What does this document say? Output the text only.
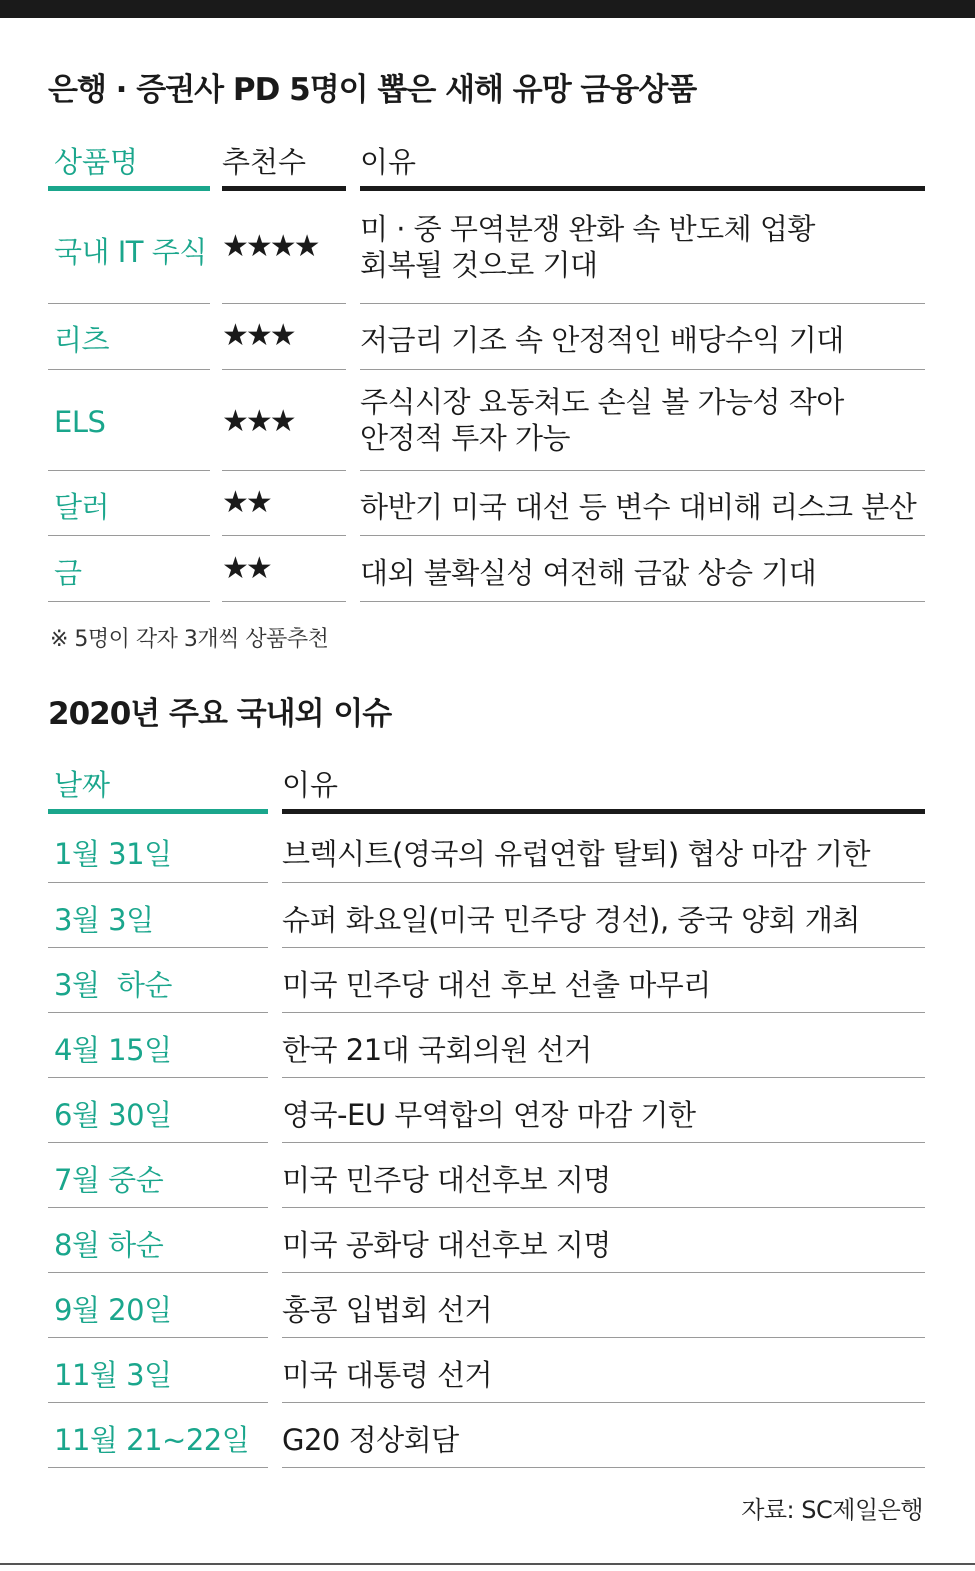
은행 · 증권사 PD 5명이 뽑은 새해 유망 금융상품
상품명	추천수 이유
국내 IT 주식 ★★★★ 미 · 중 무역분쟁 완화 속 반도체 업황
회복될 것으로 기대
리츠	★★★ 저금리 기조 속 안정적인 배당수익 기대
ELS	★★★
주식시장 요동쳐도 손실 볼 가능성 작아
안정적 투자 가능
달러	★★	하반기 미국 대선 등 변수 대비해 리스크 분산
금	★★	대외 불확실성 여전해 금값 상승 기대
※ 5명이 각자 3개씩 상품추천
2020년 주요 국내외 이슈
날짜	이유
1월 31일	브렉시트(영국의 유럽연합 탈퇴) 협상 마감 기한
3월 3일	슈퍼 화요일(미국 민주당 경선), 중국 양회 개최
3월  하순	미국 민주당 대선 후보 선출 마무리
4월 15일	한국 21대 국회의원 선거
6월 30일	영국-EU 무역합의 연장 마감 기한
7월 중순	미국 민주당 대선후보 지명
8월 하순	미국 공화당 대선후보 지명
9월 20일	홍콩 입법회 선거
11월 3일	미국 대통령 선거
11월 21~22일 G20 정상회담
자료: SC제일은행
